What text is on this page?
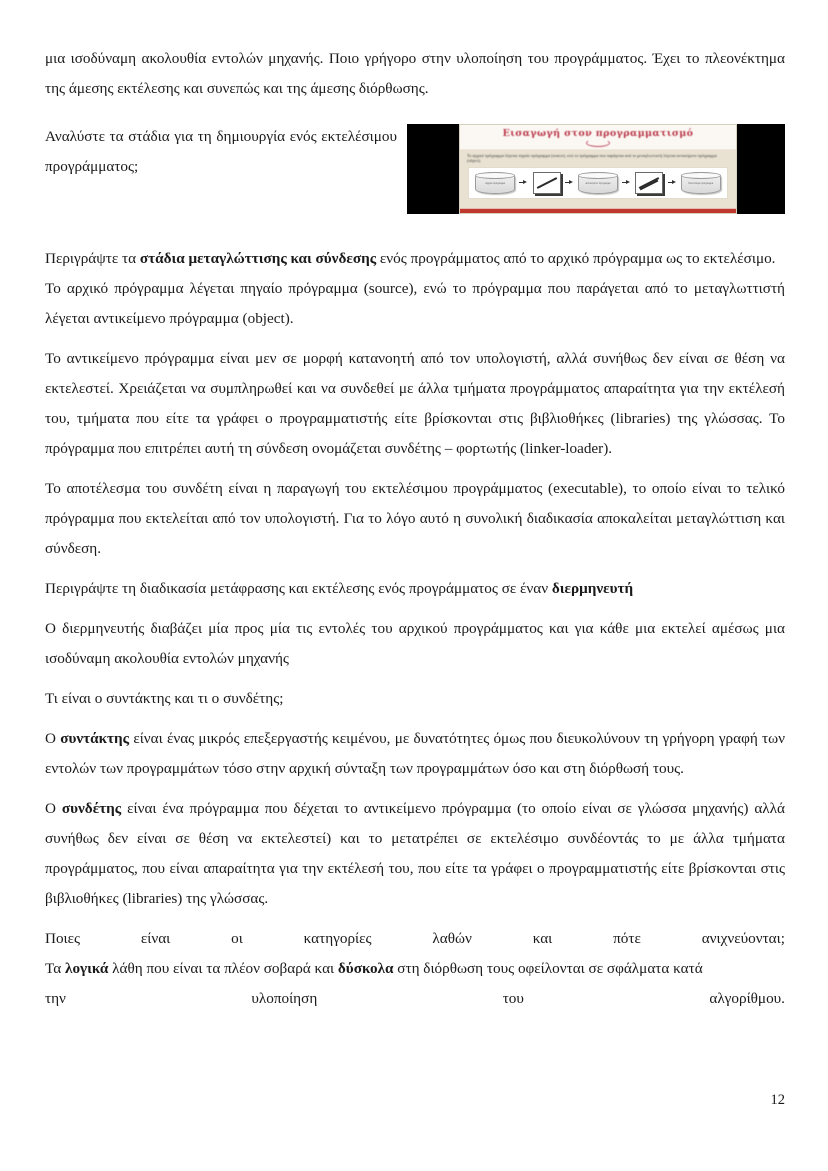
μια ισοδύναμη ακολουθία εντολών μηχανής. Ποιο γρήγορο στην υλοποίηση του προγράμματος. Έχει το πλεονέκτημα της άμεσης εκτέλεσης και συνεπώς και της άμεσης διόρθωσης.

Εισαγωγή στον προγραμματισμό
Το αρχικό πρόγραμμα λέγεται πηγαίο πρόγραμμα (source), ενώ το πρόγραμμα που παράγεται από το μεταγλωττιστή λέγεται αντικείμενο πρόγραμμα (object).
Αρχικό πρόγραμμα	Αντικείμενο πρόγραμμα	Εκτελέσιμο πρόγραμμα

Αναλύστε τα στάδια για τη δημιουργία ενός εκτελέσιμου προγράμματος;

Περιγράψτε τα στάδια μεταγλώττισης και σύνδεσης ενός προγράμματος από το αρχικό πρόγραμμα ως το εκτελέσιμο.

Το αρχικό πρόγραμμα λέγεται πηγαίο πρόγραμμα (source), ενώ το πρόγραμμα που παράγεται από το μεταγλωττιστή λέγεται αντικείμενο πρόγραμμα (object).

Το αντικείμενο πρόγραμμα είναι μεν σε μορφή κατανοητή από τον υπολογιστή, αλλά συνήθως δεν είναι σε θέση να εκτελεστεί. Χρειάζεται να συμπληρωθεί και να συνδεθεί με άλλα τμήματα προγράμματος απαραίτητα για την εκτέλεσή του, τμήματα που είτε τα γράφει ο προγραμματιστής είτε βρίσκονται στις βιβλιοθήκες (libraries) της γλώσσας. Το πρόγραμμα που επιτρέπει αυτή τη σύνδεση ονομάζεται συνδέτης – φορτωτής (linker-loader).

Το αποτέλεσμα του συνδέτη είναι η παραγωγή του εκτελέσιμου προγράμματος (executable), το οποίο είναι το τελικό πρόγραμμα που εκτελείται από τον υπολογιστή. Για το λόγο αυτό η συνολική διαδικασία αποκαλείται μεταγλώττιση και σύνδεση.

Περιγράψτε τη διαδικασία μετάφρασης και εκτέλεσης ενός προγράμματος σε έναν διερμηνευτή

Ο διερμηνευτής διαβάζει μία προς μία τις εντολές του αρχικού προγράμματος και για κάθε μια εκτελεί αμέσως μια ισοδύναμη ακολουθία εντολών μηχανής

Τι είναι ο συντάκτης και τι ο συνδέτης;

Ο συντάκτης είναι ένας μικρός επεξεργαστής κειμένου, με δυνατότητες όμως που διευκολύνουν τη γρήγορη γραφή των εντολών των προγραμμάτων τόσο στην αρχική σύνταξη των προγραμμάτων όσο και στη διόρθωσή τους.

Ο συνδέτης είναι ένα πρόγραμμα που δέχεται το αντικείμενο πρόγραμμα (το οποίο είναι σε γλώσσα μηχανής) αλλά συνήθως δεν είναι σε θέση να εκτελεστεί) και το μετατρέπει σε εκτελέσιμο συνδέοντάς το με άλλα τμήματα προγράμματος, που είναι απαραίτητα για την εκτέλεσή του, που είτε τα γράφει ο προγραμματιστής είτε βρίσκονται στις βιβλιοθήκες (libraries) της γλώσσας.

Ποιες	είναι	οι	κατηγορίες	λαθών	και	πότε	ανιχνεύονται;

Τα λογικά λάθη που είναι τα πλέον σοβαρά και δύσκολα στη διόρθωση τους οφείλονται σε σφάλματα κατά

την	υλοποίηση	του	αλγορίθμου.
12
